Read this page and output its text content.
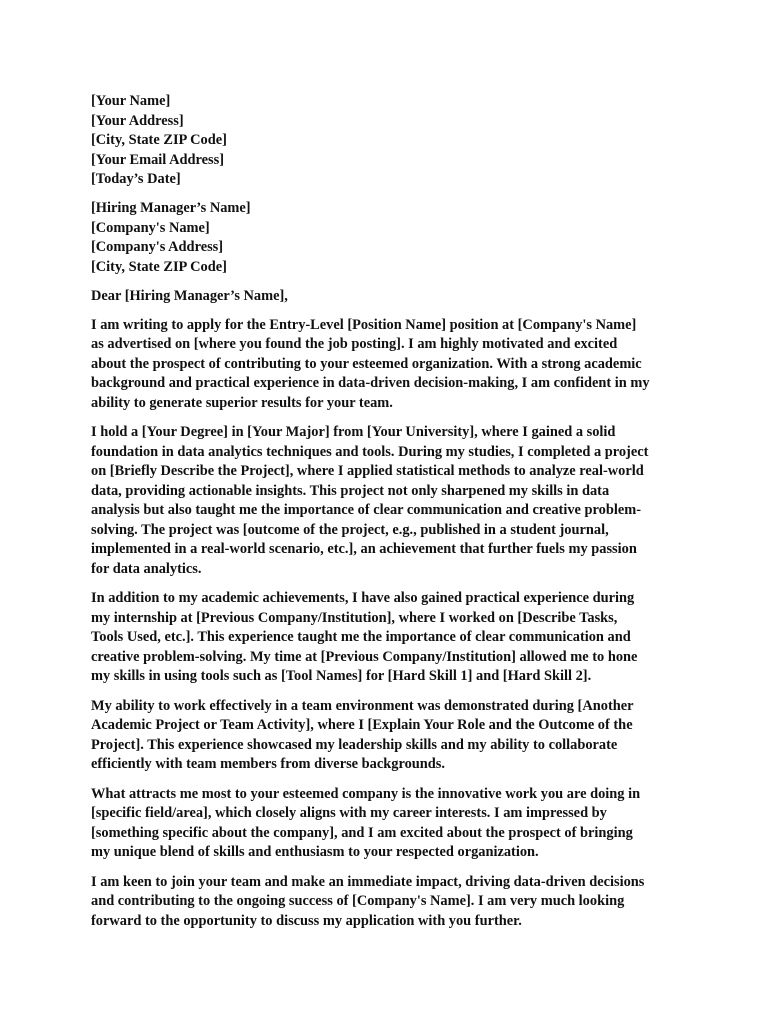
[Your Name]
[Your Address]
[City, State ZIP Code]
[Your Email Address]
[Today’s Date]
[Hiring Manager’s Name]
[Company's Name]
[Company's Address]
[City, State ZIP Code]
Dear [Hiring Manager’s Name],
I am writing to apply for the Entry-Level [Position Name] position at [Company's Name]
as advertised on [where you found the job posting]. I am highly motivated and excited
about the prospect of contributing to your esteemed organization. With a strong academic
background and practical experience in data-driven decision-making, I am confident in my
ability to generate superior results for your team.
I hold a [Your Degree] in [Your Major] from [Your University], where I gained a solid
foundation in data analytics techniques and tools. During my studies, I completed a project
on [Briefly Describe the Project], where I applied statistical methods to analyze real-world
data, providing actionable insights. This project not only sharpened my skills in data
analysis but also taught me the importance of clear communication and creative problem-
solving. The project was [outcome of the project, e.g., published in a student journal,
implemented in a real-world scenario, etc.], an achievement that further fuels my passion
for data analytics.
In addition to my academic achievements, I have also gained practical experience during
my internship at [Previous Company/Institution], where I worked on [Describe Tasks,
Tools Used, etc.]. This experience taught me the importance of clear communication and
creative problem-solving. My time at [Previous Company/Institution] allowed me to hone
my skills in using tools such as [Tool Names] for [Hard Skill 1] and [Hard Skill 2].
My ability to work effectively in a team environment was demonstrated during [Another
Academic Project or Team Activity], where I [Explain Your Role and the Outcome of the
Project]. This experience showcased my leadership skills and my ability to collaborate
efficiently with team members from diverse backgrounds.
What attracts me most to your esteemed company is the innovative work you are doing in
[specific field/area], which closely aligns with my career interests. I am impressed by
[something specific about the company], and I am excited about the prospect of bringing
my unique blend of skills and enthusiasm to your respected organization.
I am keen to join your team and make an immediate impact, driving data-driven decisions
and contributing to the ongoing success of [Company's Name]. I am very much looking
forward to the opportunity to discuss my application with you further.
